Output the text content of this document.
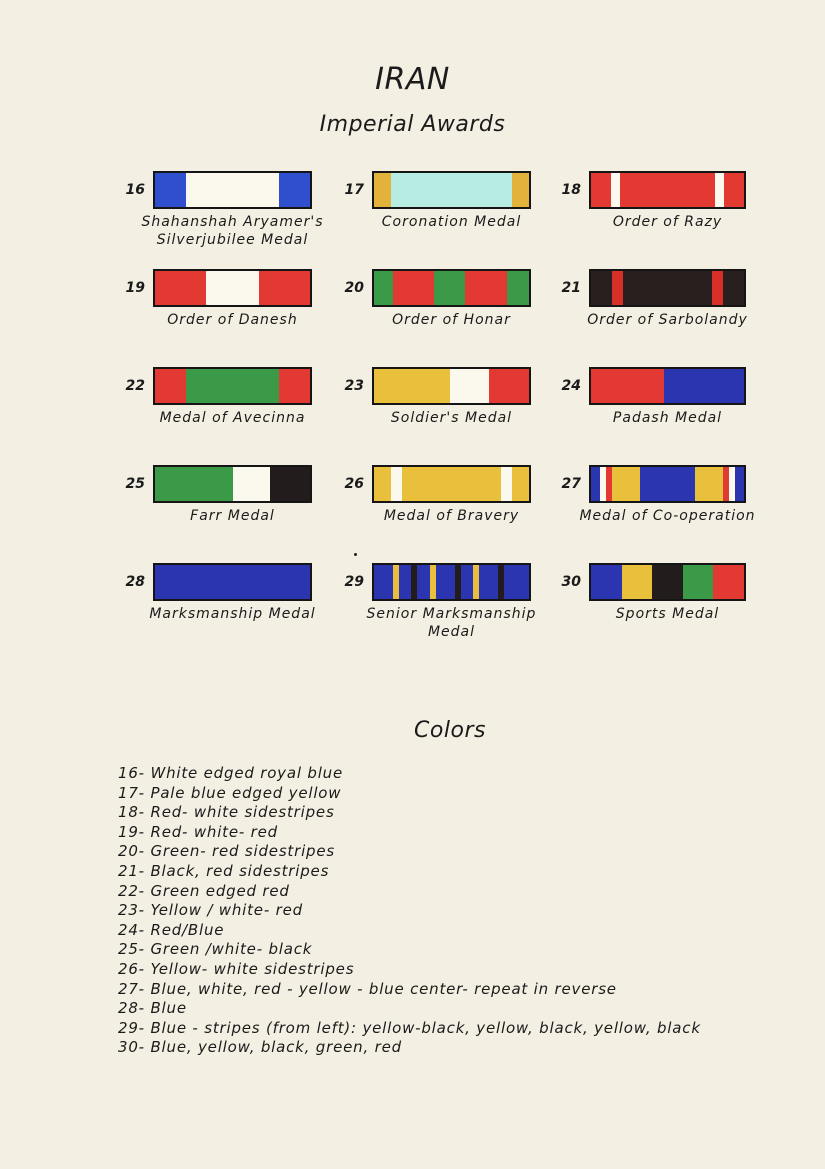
IRAN
Imperial Awards
16
Shahanshah Aryamer's Silverjubilee Medal
17
Coronation Medal
18
Order of Razy
19
Order of Danesh
20
Order of Honar
21
Order of Sarbolandy
22
Medal of Avecinna
23
Soldier's Medal
24
Padash Medal
25
Farr Medal
26
Medal of Bravery
27
Medal of Co-operation
28
Marksmanship Medal
29
Senior Marksmanship Medal
30
Sports Medal
Colors
16- White edged royal blue
17- Pale blue edged yellow
18- Red- white sidestripes
19- Red- white- red
20- Green- red sidestripes
21- Black, red sidestripes
22- Green edged red
23- Yellow / white- red
24- Red/Blue
25- Green /white- black
26- Yellow- white sidestripes
27- Blue, white, red - yellow - blue center- repeat in reverse
28- Blue
29- Blue - stripes (from left): yellow-black, yellow, black, yellow, black
30- Blue, yellow, black, green, red
